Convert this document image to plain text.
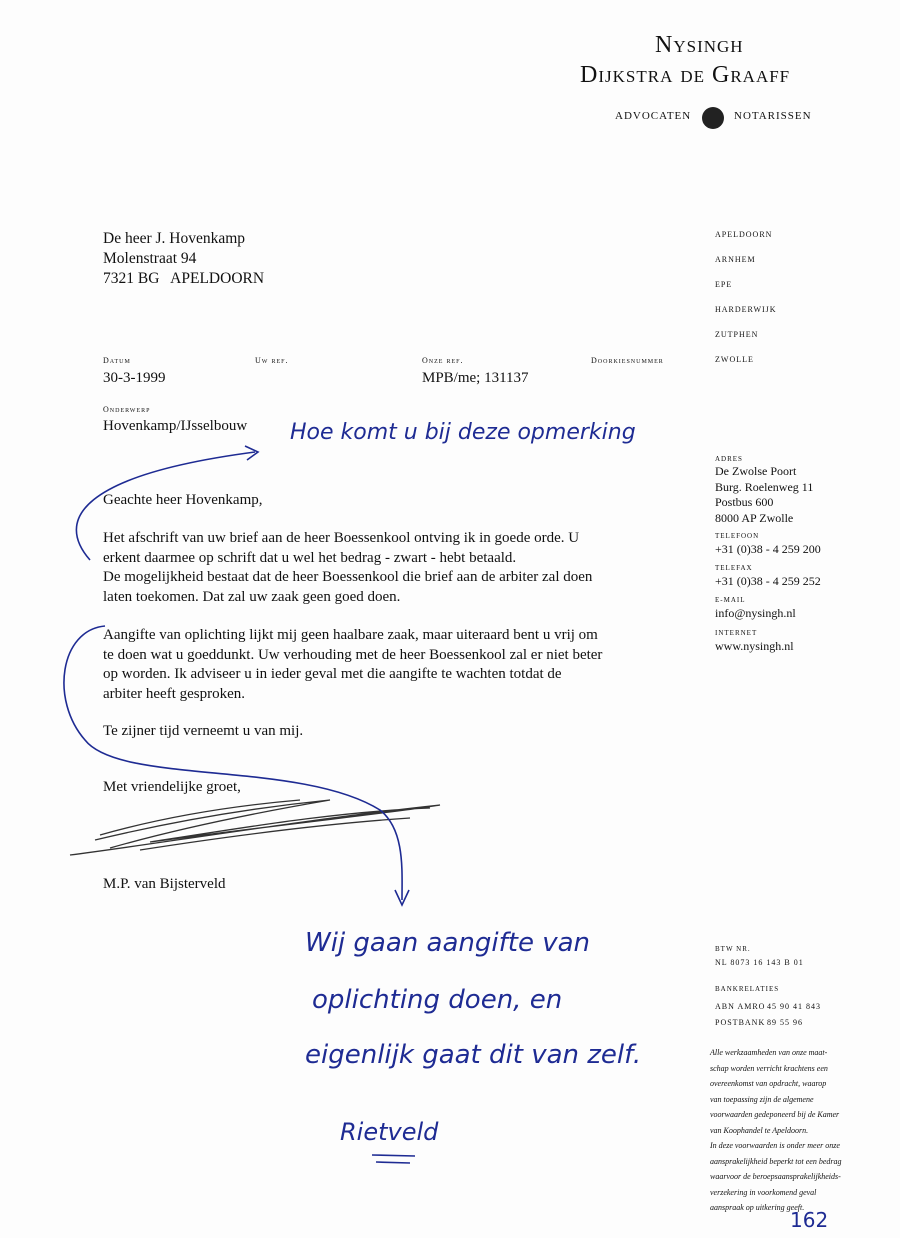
Nysingh
Dijkstra de Graaff
ADVOCATEN	NOTARISSEN
APELDOORN
ARNHEM
EPE
HARDERWIJK
ZUTPHEN
ZWOLLE
De heer J. Hovenkamp
Molenstraat 94
7321 BG   APELDOORN
Datum
30-3-1999
Uw ref.	Onze ref.
MPB/me; 131137
Doorkiesnummer
Onderwerp
Hovenkamp/IJsselbouw
Geachte heer Hovenkamp,
Het afschrift van uw brief aan de heer Boessenkool ontving ik in goede orde. U
erkent daarmee op schrift dat u wel het bedrag - zwart - hebt betaald.
De mogelijkheid bestaat dat de heer Boessenkool die brief aan de arbiter zal doen
laten toekomen. Dat zal uw zaak geen goed doen.
Aangifte van oplichting lijkt mij geen haalbare zaak, maar uiteraard bent u vrij om
te doen wat u goeddunkt. Uw verhouding met de heer Boessenkool zal er niet beter
op worden. Ik adviseer u in ieder geval met die aangifte te wachten totdat de
arbiter heeft gesproken.
Te zijner tijd verneemt u van mij.
Met vriendelijke groet,
M.P. van Bijsterveld
ADRES
De Zwolse Poort
Burg. Roelenweg 11
Postbus 600
8000 AP Zwolle
TELEFOON
+31 (0)38 - 4 259 200
TELEFAX
+31 (0)38 - 4 259 252
E-MAIL
info@nysingh.nl
INTERNET
www.nysingh.nl
BTW NR.
NL 8073 16 143 B 01
BANKRELATIES
ABN AMRO 45 90 41 843
POSTBANK 89 55 96
Alle werkzaamheden van onze maat-
schap worden verricht krachtens een
overeenkomst van opdracht, waarop
van toepassing zijn de algemene
voorwaarden gedeponeerd bij de Kamer
van Koophandel te Apeldoorn.
In deze voorwaarden is onder meer onze
aansprakelijkheid beperkt tot een bedrag
waarvoor de beroepsaansprakelijkheids-
verzekering in voorkomend geval
aanspraak op uitkering geeft.
Hoe komt u bij deze opmerking
Wij gaan aangifte van
oplichting doen, en
eigenlijk gaat dit van zelf.
Rietveld
162
